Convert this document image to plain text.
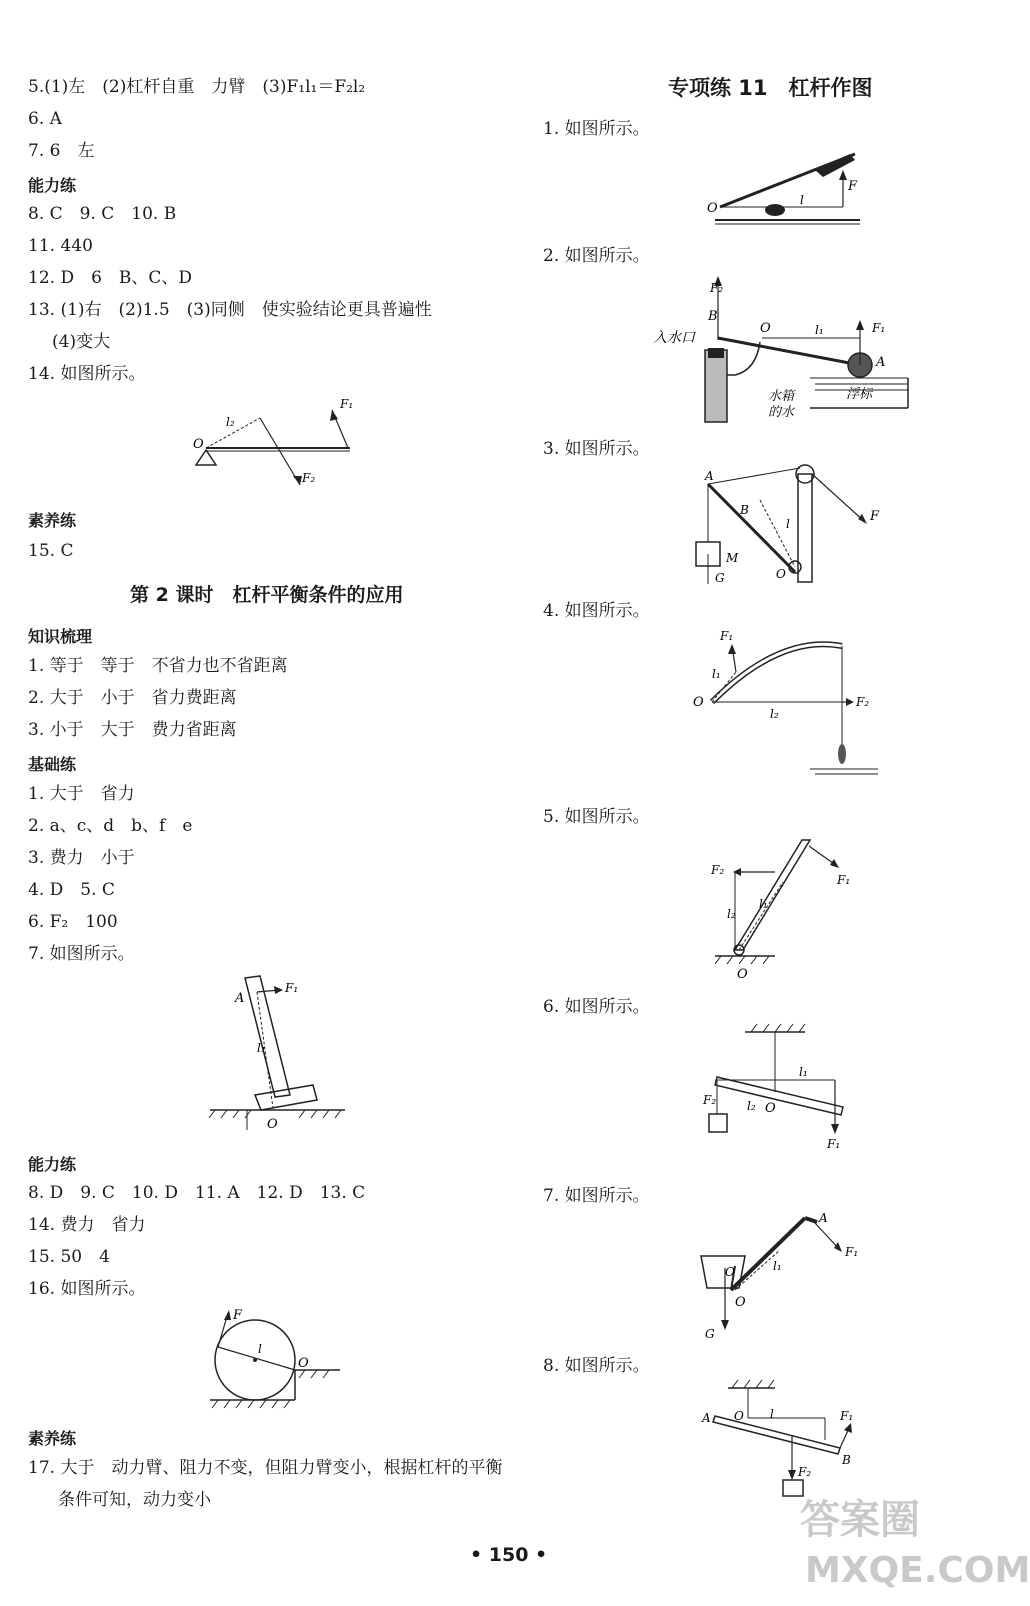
5.(1)左　(2)杠杆自重　力臂　(3)F₁l₁＝F₂l₂
6. A
7. 6　左
能力练
8. C　9. C　10. B
11. 440
12. D　6　B、C、D
13. (1)右　(2)1.5　(3)同侧　使实验结论更具普遍性
(4)变大
14. 如图所示。
O
l₂
F₁
F₂
素养练
15. C
第 2 课时　杠杆平衡条件的应用
知识梳理
1. 等于　等于　不省力也不省距离
2. 大于　小于　省力费距离
3. 小于　大于　费力省距离
基础练
1. 大于　省力
2. a、c、d　b、f　e
3. 费力　小于
4. D　5. C
6. F₂　100
7. 如图所示。
A
F₁
l₁
O
能力练
8. D　9. C　10. D　11. A　12. D　13. C
14. 费力　省力
15. 50　4
16. 如图所示。
F
l
O
素养练
17. 大于　动力臂、阻力不变，但阻力臂变小，根据杠杆的平衡
条件可知，动力变小
专项练 11　杠杆作图
1. 如图所示。
O
F
l
2. 如图所示。
F₂
B
O	l₁	F₁
A
入水口
水箱
的水
浮标
3. 如图所示。
A
B
l	F
M
G	O
4. 如图所示。
O
F₁
l₁
l₂
F₂
5. 如图所示。
F₂
F₁
l₂
l₁
O
6. 如图所示。
F₂	l₂ O
l₁
F₁
7. 如图所示。
O
A
F₁
l₁
O
G
8. 如图所示。
A O l	F₁
B
F₂
• 150 •
答案圈
MXQE.COM
